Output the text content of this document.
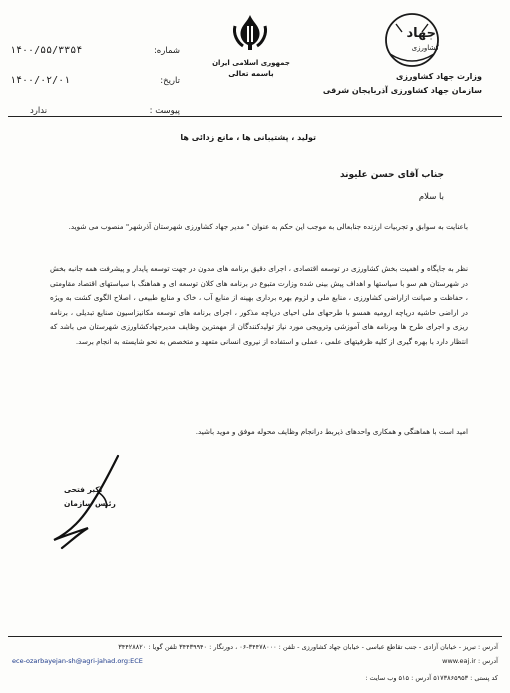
جهاد
کشاورزی
وزارت جهاد کشاورزی
سازمان جهاد کشاورزی آذربایجان شرقی
جمهوری اسلامی ایران
باسمه تعالی
شماره:
۱۴۰۰/۵۵/۳۳۵۴
تاریخ:
۱۴۰۰/۰۲/۰۱
پیوست :
ندارد
تولید ، پشتیبانی ها ، مانع زدائی ها
جناب آقای حسن علیوند
با سلام
باعنایت به سوابق و تجربیات ارزنده جنابعالی به موجب این حکم به عنوان " مدیر جهاد کشاورزی شهرستان آذرشهر" منصوب می شوید.
نظر به جایگاه و اهمیت بخش کشاورزی در توسعه اقتصادی ، اجرای دقیق برنامه های مدون در جهت توسعه پایدار و پیشرفت همه جانبه بخش در شهرستان هم سو با سیاستها و اهداف پیش بینی شده وزارت متبوع در برنامه های کلان توسعه ای و هماهنگ با سیاستهای اقتصاد مقاومتی ، حفاظت و صیانت ازاراضی کشاورزی ، منابع ملی و لزوم بهره برداری بهینه از منابع آب ، خاک و منابع طبیعی ، اصلاح الگوی کشت به ویژه در اراضی حاشیه دریاچه ارومیه همسو با طرحهای ملی احیای دریاچه مذکور ، اجرای برنامه های توسعه مکانیزاسیون صنایع تبدیلی ، برنامه ریزی و اجرای طرح ها وبرنامه های آموزشی وترویجی مورد نیاز تولیدکنندگان از مهمترین وظایف مدیرجهادکشاورزی شهرستان می باشد که انتظار دارد با بهره گیری از کلیه ظرفیتهای علمی ، عملی و استفاده از نیروی انسانی متعهد و متخصص به نحو شایسته به انجام برسد.
امید است با هماهنگی و همکاری واحدهای ذیربط درانجام وظایف محوله موفق و موید باشید.
اکبر فتحی
رئیس سازمان
آدرس : تبریز - خیابان آزادی - جنب تقاطع عباسی - خیابان جهاد کشاورزی - تلفن : ۳۴۴۷۸۰۰۰-۰۶ ، دورنگار : ۳۴۴۳۹۹۴۰ تلفن گویا : ۳۴۴۲۸۸۲۰
آدرس : www.eaj.ir
ece-ozarbayejan-sh@agri-jahad.org:ECE
کد پستی : ۵۱۷۳۸۶۵۹۵۳ آدرس : ۵۱۵ وب سایت :
